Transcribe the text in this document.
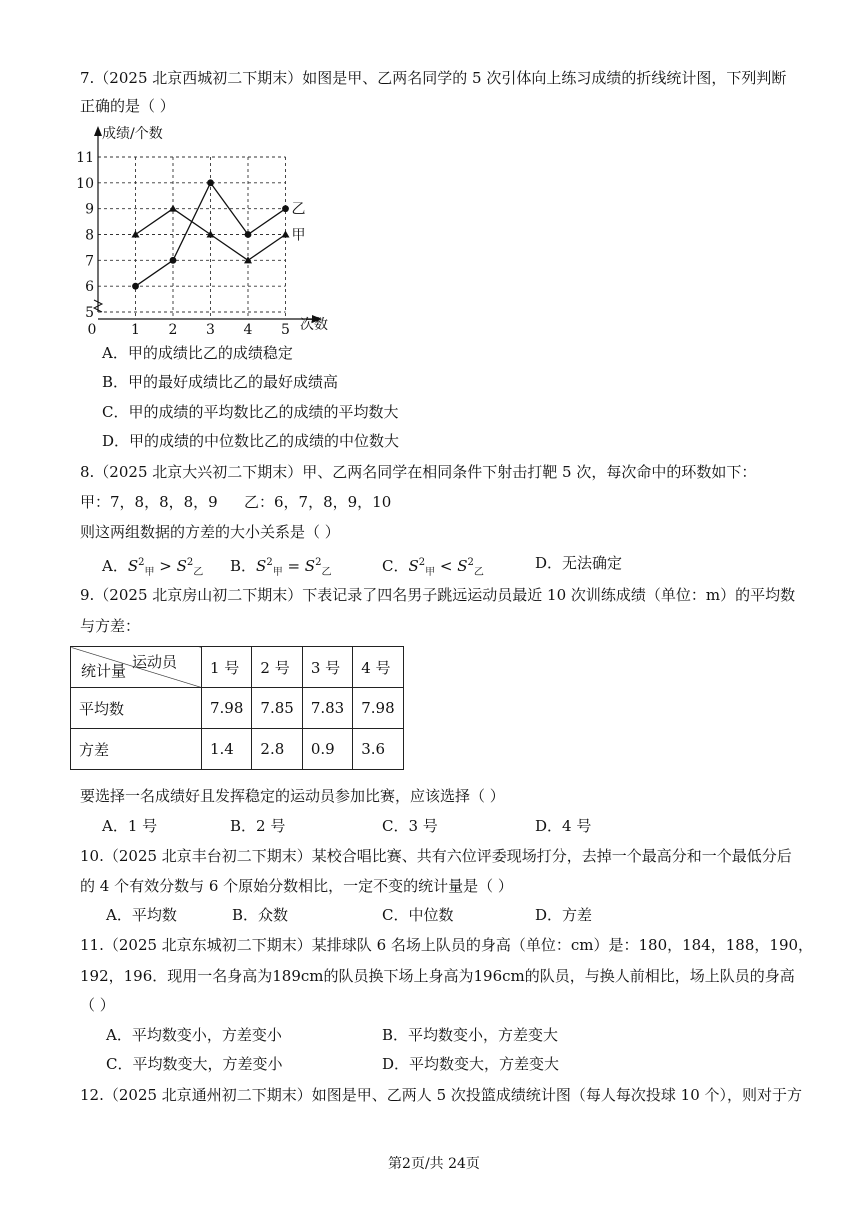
7.（2025 北京西城初二下期末）如图是甲、乙两名同学的 5 次引体向上练习成绩的折线统计图，下列判断
正确的是（ ）
成绩/个数
次数
5
6
7
8
9
10
11
0 1 2 3 4 5
甲
乙
A．甲的成绩比乙的成绩稳定
B．甲的最好成绩比乙的最好成绩高
C．甲的成绩的平均数比乙的成绩的平均数大
D．甲的成绩的中位数比乙的成绩的中位数大
8.（2025 北京大兴初二下期末）甲、乙两名同学在相同条件下射击打靶 5 次，每次命中的环数如下：
甲：7，8，8，8，9 乙：6，7，8，9，10
则这两组数据的方差的大小关系是（ ）
A．$S^2_甲 > S^2_乙$ B．$S^2_甲 = S^2_乙$	C．$S^2_甲 < S^2_乙$
D．无法确定
9.（2025 北京房山初二下期末）下表记录了四名男子跳远运动员最近 10 次训练成绩（单位：m）的平均数
与方差：
运动员
统计量	1 号	2 号	3 号	4 号
平均数	7.98	7.85	7.83	7.98
方差	1.4	2.8	0.9	3.6
要选择一名成绩好且发挥稳定的运动员参加比赛，应该选择（ ）
A．1 号	B．2 号	C．3 号	D．4 号
10.（2025 北京丰台初二下期末）某校合唱比赛、共有六位评委现场打分，去掉一个最高分和一个最低分后
的 4 个有效分数与 6 个原始分数相比，一定不变的统计量是（ ）
A．平均数	B．众数	C．中位数	D．方差
11.（2025 北京东城初二下期末）某排球队 6 名场上队员的身高（单位：cm）是：180，184，188，190，
192，196．现用一名身高为189cm的队员换下场上身高为196cm的队员，与换人前相比，场上队员的身高
（ ）
A．平均数变小，方差变小	B．平均数变小，方差变大
C．平均数变大，方差变小	D．平均数变大，方差变大
12.（2025 北京通州初二下期末）如图是甲、乙两人 5 次投篮成绩统计图（每人每次投球 10 个），则对于方
第2页/共 24页
